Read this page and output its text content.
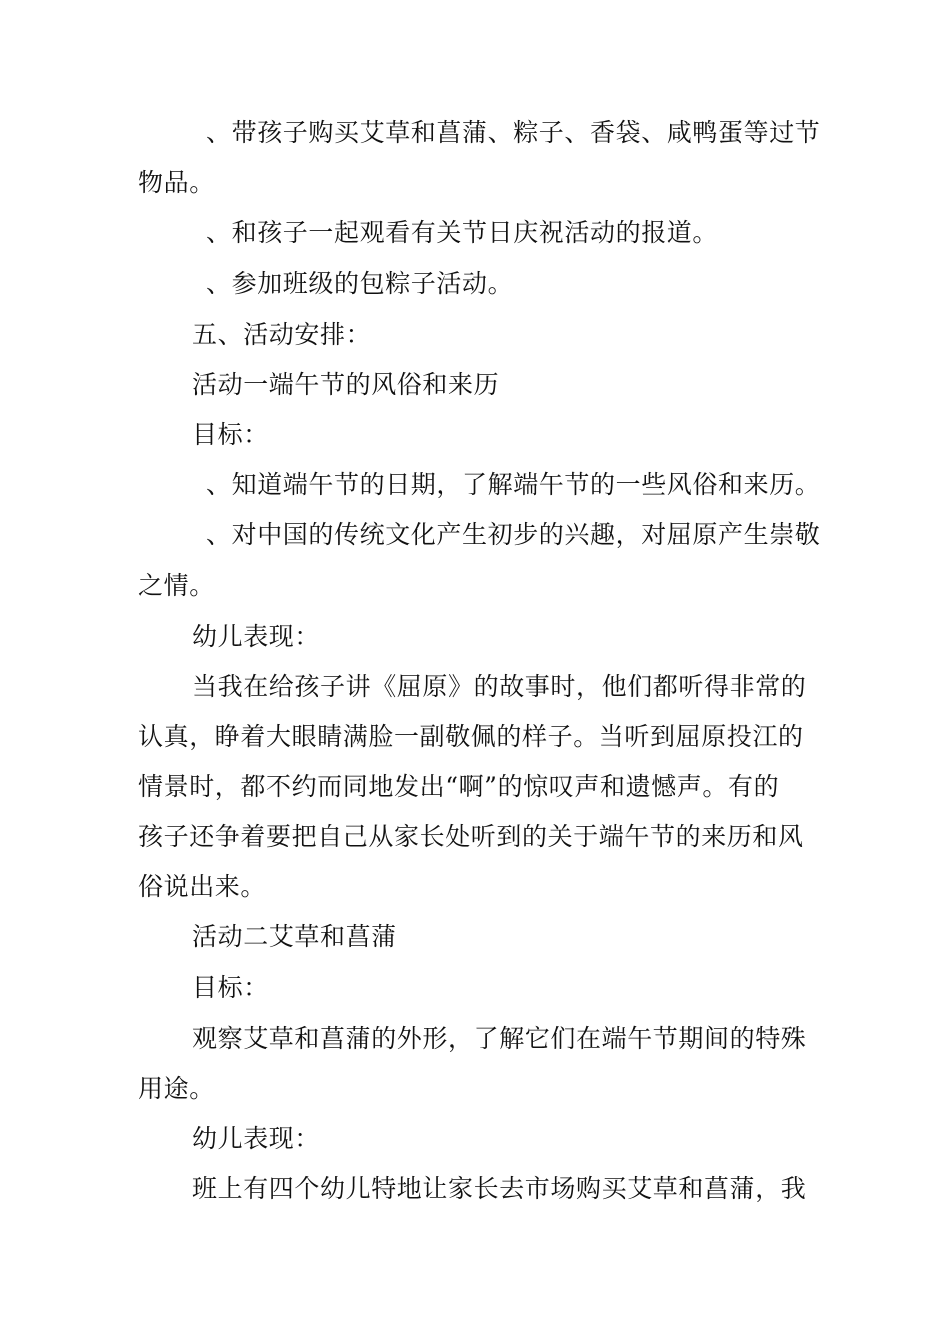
、带孩子购买艾草和菖蒲、粽子、香袋、咸鸭蛋等过节
物品。
、和孩子一起观看有关节日庆祝活动的报道。
、参加班级的包粽子活动。
五、活动安排：
活动一端午节的风俗和来历
目标：
、知道端午节的日期，了解端午节的一些风俗和来历。
、对中国的传统文化产生初步的兴趣，对屈原产生崇敬
之情。
幼儿表现：
当我在给孩子讲《屈原》的故事时，他们都听得非常的
认真，睁着大眼睛满脸一副敬佩的样子。当听到屈原投江的
情景时，都不约而同地发出“啊”的惊叹声和遗憾声。有的
孩子还争着要把自己从家长处听到的关于端午节的来历和风
俗说出来。
活动二艾草和菖蒲
目标：
观察艾草和菖蒲的外形，了解它们在端午节期间的特殊
用途。
幼儿表现：
班上有四个幼儿特地让家长去市场购买艾草和菖蒲，我
